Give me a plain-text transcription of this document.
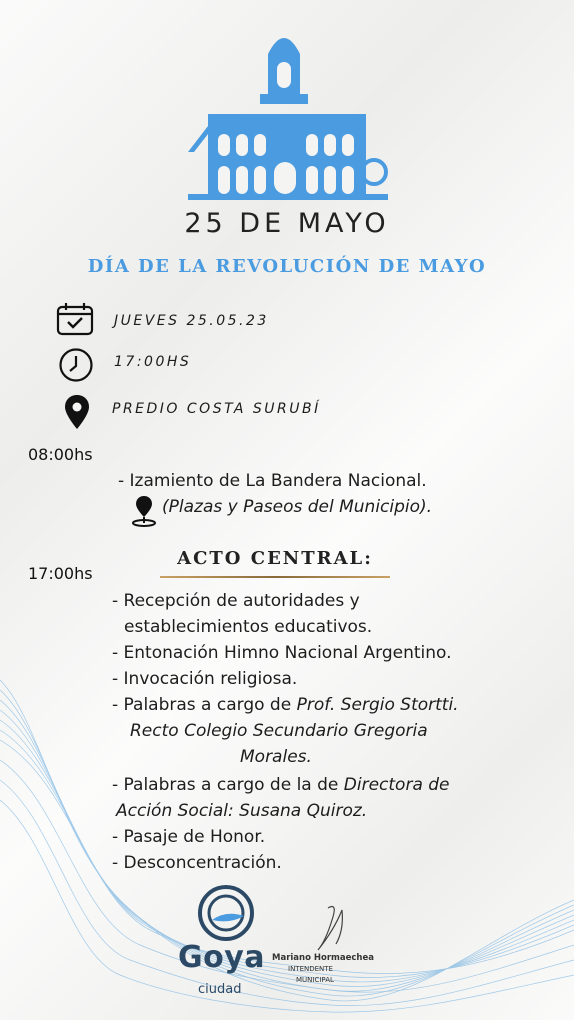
25 DE MAYO
DÍA DE LA REVOLUCIÓN DE MAYO
JUEVES 25.05.23
17:00HS
PREDIO COSTA SURUBÍ
08:00hs
- Izamiento de La Bandera Nacional.
(Plazas y Paseos del Municipio).
ACTO CENTRAL:
17:00hs
- Recepción de autoridades y
establecimientos educativos.
- Entonación Himno Nacional Argentino.
- Invocación religiosa.
- Palabras a cargo de Prof. Sergio Stortti.
Recto Colegio Secundario Gregoria
Morales.
- Palabras a cargo de la de Directora de
Acción Social: Susana Quiroz.
- Pasaje de Honor.
- Desconcentración.
Goya
ciudad
Mariano Hormaechea
INTENDENTE
MUNICIPAL
